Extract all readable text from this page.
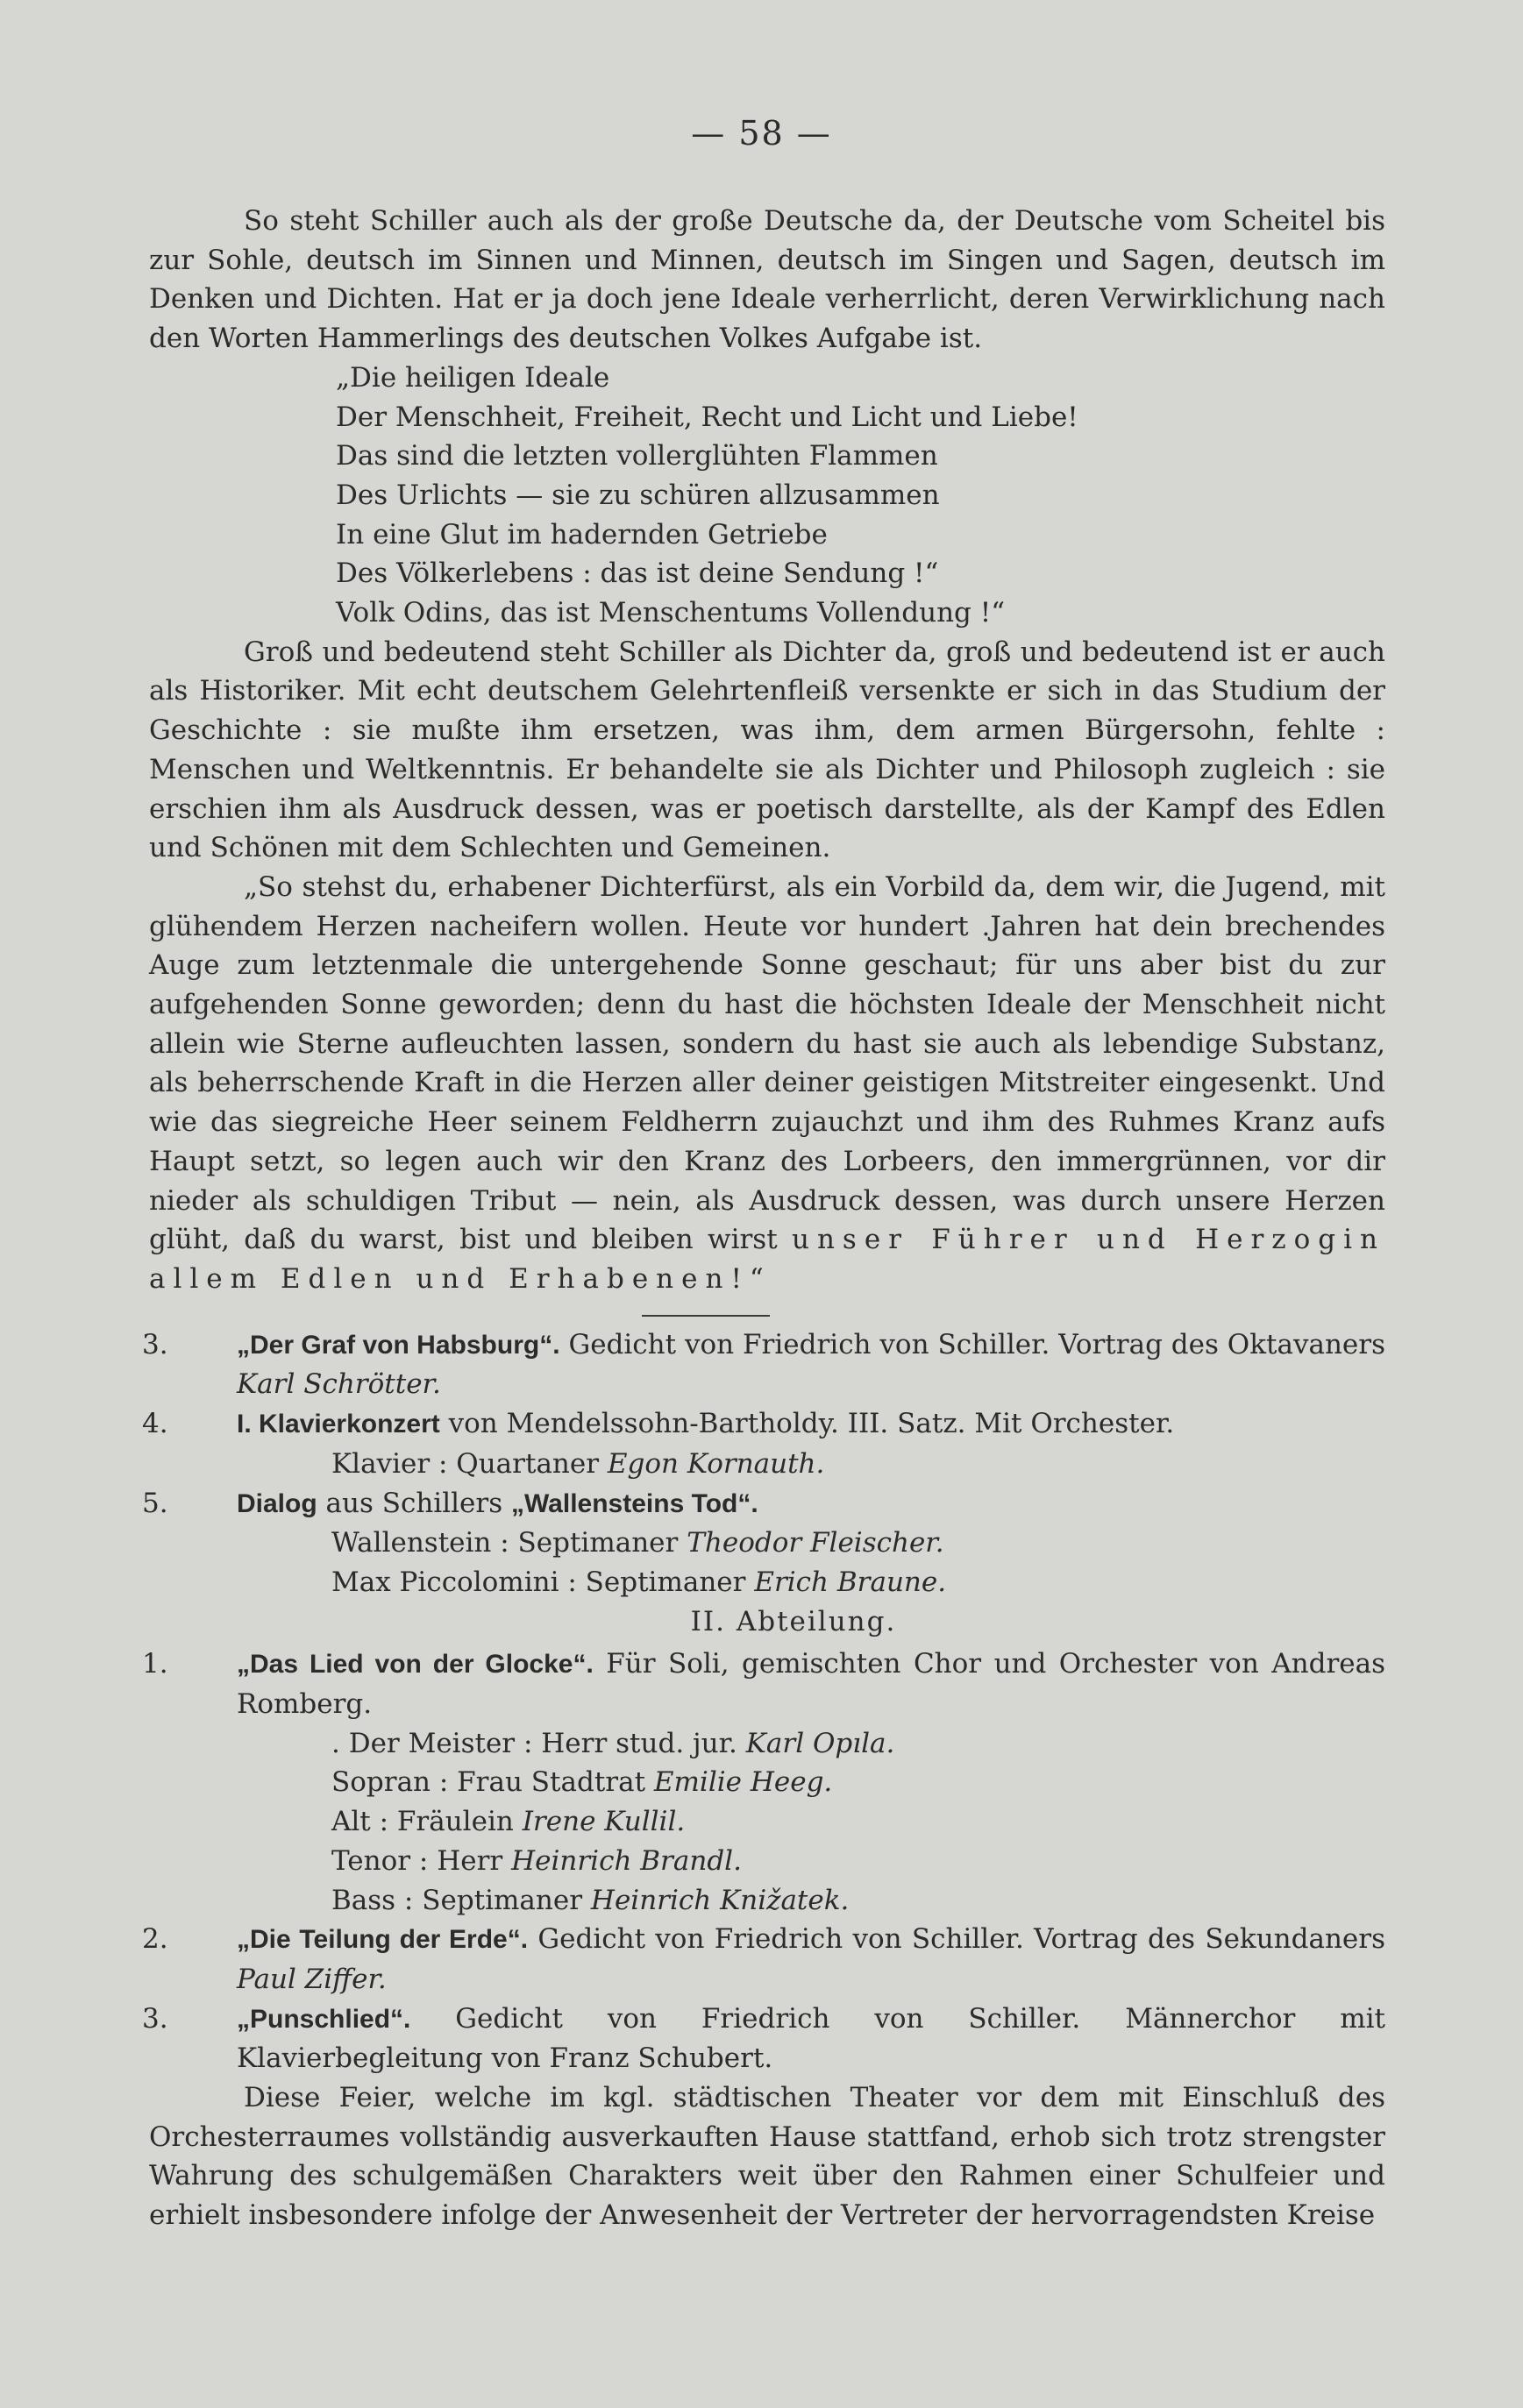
— 58 —

So steht Schiller auch als der große Deutsche da, der Deutsche vom Scheitel bis zur Sohle, deutsch im Sinnen und Minnen, deutsch im Singen und Sagen, deutsch im Denken und Dichten. Hat er ja doch jene Ideale verherrlicht, deren Verwirklichung nach den Worten Hammerlings des deutschen Volkes Aufgabe ist.

„Die heiligen Ideale
Der Menschheit, Freiheit, Recht und Licht und Liebe!
Das sind die letzten vollerglühten Flammen
Des Urlichts — sie zu schüren allzusammen
In eine Glut im hadernden Getriebe
Des Völkerlebens : das ist deine Sendung !“
Volk Odins, das ist Menschentums Vollendung !“

Groß und bedeutend steht Schiller als Dichter da, groß und bedeutend ist er auch als Historiker. Mit echt deutschem Gelehrtenfleiß versenkte er sich in das Studium der Geschichte : sie mußte ihm ersetzen, was ihm, dem armen Bürgersohn, fehlte : Menschen und Weltkenntnis. Er behandelte sie als Dichter und Philosoph zugleich : sie erschien ihm als Ausdruck dessen, was er poetisch darstellte, als der Kampf des Edlen und Schönen mit dem Schlechten und Gemeinen.

„So stehst du, erhabener Dichterfürst, als ein Vorbild da, dem wir, die Jugend, mit glühendem Herzen nacheifern wollen. Heute vor hundert .Jahren hat dein brechendes Auge zum letztenmale die untergehende Sonne geschaut; für uns aber bist du zur aufgehenden Sonne geworden; denn du hast die höchsten Ideale der Menschheit nicht allein wie Sterne aufleuchten lassen, sondern du hast sie auch als lebendige Substanz, als beherrschende Kraft in die Herzen aller deiner geistigen Mitstreiter eingesenkt. Und wie das siegreiche Heer seinem Feldherrn zujauchzt und ihm des Ruhmes Kranz aufs Haupt setzt, so legen auch wir den Kranz des Lorbeers, den immergrünnen, vor dir nieder als schuldigen Tribut — nein, als Ausdruck dessen, was durch unsere Herzen glüht, daß du warst, bist und bleiben wirst unser Führer und Herzogin allem Edlen und Erhabenen!“

3.	„Der Graf von Habsburg“. Gedicht von Friedrich von Schiller. Vortrag des Oktavaners Karl Schrötter.
4.	I. Klavierkonzert von Mendelssohn-Bartholdy. III. Satz. Mit Orchester.
Klavier : Quartaner Egon Kornauth.
5.	Dialog aus Schillers „Wallensteins Tod“.
Wallenstein : Septimaner Theodor Fleischer.
Max Piccolomini : Septimaner Erich Braune.
II. Abteilung.
1.	„Das Lied von der Glocke“. Für Soli, gemischten Chor und Orchester von Andreas Romberg.
. Der Meister : Herr stud. jur. Karl Opıla.
Sopran : Frau Stadtrat Emilie Heeg.
Alt : Fräulein Irene Kullil.
Tenor : Herr Heinrich Brandl.
Bass : Septimaner Heinrich Knižatek.
2.	„Die Teilung der Erde“. Gedicht von Friedrich von Schiller. Vortrag des Sekundaners Paul Ziffer.
3.	„Punschlied“. Gedicht von Friedrich von Schiller. Männerchor mit Klavierbegleitung von Franz Schubert.

Diese Feier, welche im kgl. städtischen Theater vor dem mit Einschluß des Orchesterraumes vollständig ausverkauften Hause stattfand, erhob sich trotz strengster Wahrung des schulgemäßen Charakters weit über den Rahmen einer Schulfeier und erhielt insbesondere infolge der Anwesenheit der Vertreter der hervorragendsten Kreise
